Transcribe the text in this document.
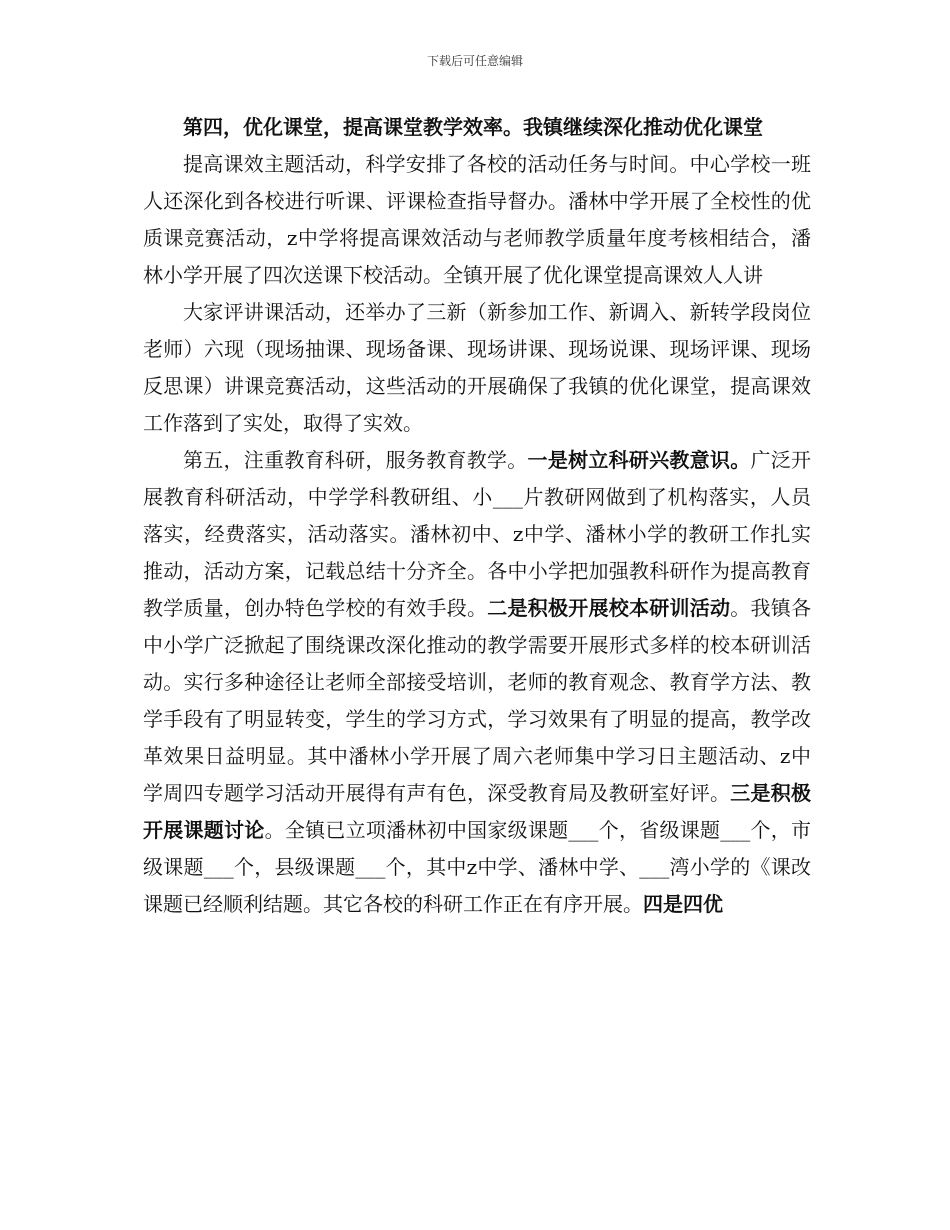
下载后可任意编辑

第四，优化课堂，提高课堂教学效率。我镇继续深化推动优化课堂

提高课效主题活动，科学安排了各校的活动任务与时间。中心学校一班人还深化到各校进行听课、评课检查指导督办。潘林中学开展了全校性的优质课竞赛活动，z中学将提高课效活动与老师教学质量年度考核相结合，潘林小学开展了四次送课下校活动。全镇开展了优化课堂提高课效人人讲

大家评讲课活动，还举办了三新（新参加工作、新调入、新转学段岗位老师）六现（现场抽课、现场备课、现场讲课、现场说课、现场评课、现场反思课）讲课竞赛活动，这些活动的开展确保了我镇的优化课堂，提高课效工作落到了实处，取得了实效。

第五，注重教育科研，服务教育教学。一是树立科研兴教意识。广泛开展教育科研活动，中学学科教研组、小___片教研网做到了机构落实，人员落实，经费落实，活动落实。潘林初中、z中学、潘林小学的教研工作扎实推动，活动方案，记载总结十分齐全。各中小学把加强教科研作为提高教育教学质量，创办特色学校的有效手段。二是积极开展校本研训活动。我镇各中小学广泛掀起了围绕课改深化推动的教学需要开展形式多样的校本研训活动。实行多种途径让老师全部接受培训，老师的教育观念、教育学方法、教学手段有了明显转变，学生的学习方式，学习效果有了明显的提高，教学改革效果日益明显。其中潘林小学开展了周六老师集中学习日主题活动、z中学周四专题学习活动开展得有声有色，深受教育局及教研室好评。三是积极开展课题讨论。全镇已立项潘林初中国家级课题___个，省级课题___个，市级课题___个，县级课题___个，其中z中学、潘林中学、___湾小学的《课改课题已经顺利结题。其它各校的科研工作正在有序开展。四是四优
